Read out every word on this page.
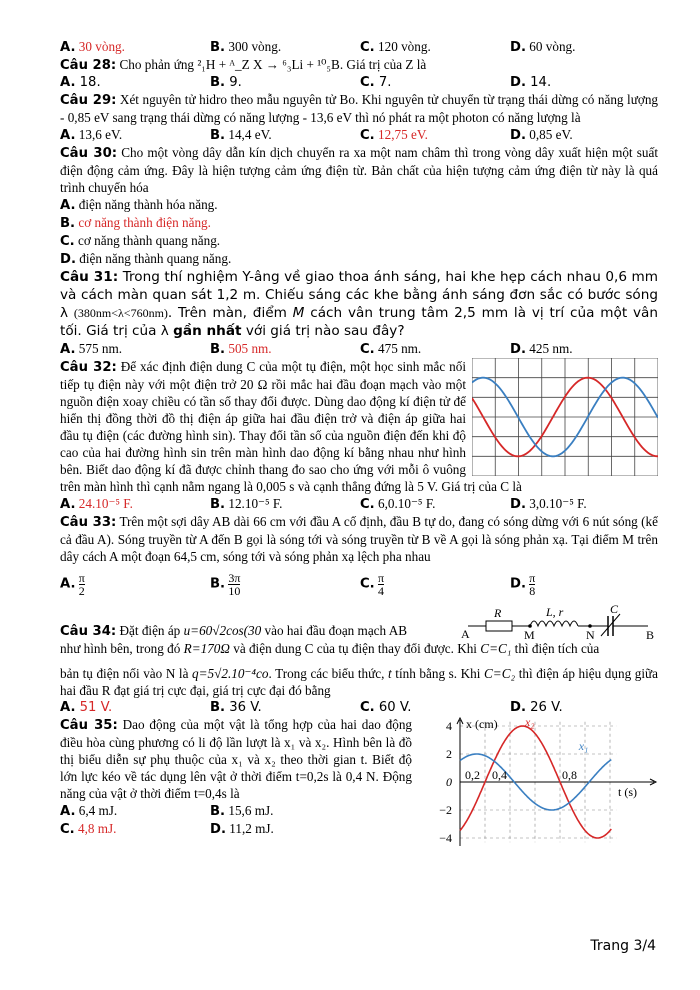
A. 30 vòng.	B. 300 vòng.	C. 120 vòng.	D. 60 vòng.

Câu 28: Cho phản ứng ²₁H + ᴬ_Z X → ⁶₃Li + ¹⁰₅B. Giá trị của Z là

A. 18.	B. 9.	C. 7.	D. 14.

Câu 29: Xét nguyên tử hidro theo mẫu nguyên tử Bo. Khi nguyên tử chuyển từ trạng thái dừng có năng lượng - 0,85 eV sang trạng thái dừng có năng lượng - 13,6 eV thì nó phát ra một photon có năng lượng là

A. 13,6 eV.	B. 14,4 eV.	C. 12,75 eV.	D. 0,85 eV.

Câu 30: Cho một vòng dây dẫn kín dịch chuyển ra xa một nam châm thì trong vòng dây xuất hiện một suất điện động cảm ứng. Đây là hiện tượng cảm ứng điện từ. Bản chất của hiện tượng cảm ứng điện từ này là quá trình chuyển hóa

A. điện năng thành hóa năng.
B. cơ năng thành điện năng.
C. cơ năng thành quang năng.
D. điện năng thành quang năng.

Câu 31: Trong thí nghiệm Y-âng về giao thoa ánh sáng, hai khe hẹp cách nhau 0,6 mm và cách màn quan sát 1,2 m. Chiếu sáng các khe bằng ánh sáng đơn sắc có bước sóng λ (380nm<λ<760nm). Trên màn, điểm M cách vân trung tâm 2,5 mm là vị trí của một vân tối. Giá trị của λ gần nhất với giá trị nào sau đây?

A. 575 nm.	B. 505 nm.	C. 475 nm.	D. 425 nm.

Câu 32: Để xác định điện dung C của một tụ điện, một học sinh mắc nối tiếp tụ điện này với một điện trở 20 Ω rồi mắc hai đầu đoạn mạch vào một nguồn điện xoay chiều có tần số thay đổi được. Dùng dao động kí điện tử để hiển thị đồng thời đồ thị điện áp giữa hai đầu điện trở và điện áp giữa hai đầu tụ điện (các đường hình sin). Thay đổi tần số của nguồn điện đến khi độ cao của hai đường hình sin trên màn hình dao động kí bằng nhau như hình bên. Biết dao động kí đã được chỉnh thang đo sao cho ứng với mỗi ô vuông trên màn hình thì cạnh nằm ngang là 0,005 s và cạnh thẳng đứng là 5 V. Giá trị của C là

A. 24.10⁻⁵ F.	B. 12.10⁻⁵ F.	C. 6,0.10⁻⁵ F.	D. 3,0.10⁻⁵ F.

Câu 33: Trên một sợi dây AB dài 66 cm với đầu A cố định, đầu B tự do, đang có sóng dừng với 6 nút sóng (kể cả đầu A). Sóng truyền từ A đến B gọi là sóng tới và sóng truyền từ B về A gọi là sóng phản xạ. Tại điểm M trên dây cách A một đoạn 64,5 cm, sóng tới và sóng phản xạ lệch pha nhau

A. $\frac{\pi}{2}$	B. $\frac{3\pi}{10}$	C. $\frac{\pi}{4}$	D. $\frac{\pi}{8}$

Câu 34: Đặt điện áp u=60√2cos(30 vào hai đầu đoạn mạch AB	A	M	N	B
R	L, r	C

như hình bên, trong đó R=170Ω và điện dung C của tụ điện thay đổi được. Khi C=C₁ thì điện tích của

bản tụ điện nối vào N là q=5√2.10⁻⁴co. Trong các biểu thức, t tính bằng s. Khi C=C₂ thì điện áp hiệu dụng giữa hai đầu R đạt giá trị cực đại, giá trị cực đại đó bằng

A. 51 V.	B. 36 V.	C. 60 V.	D. 26 V.
4
2
0
−2
−4
x (cm)
t (s)
0,2 0,4	0,8
x₂
x₁

Câu 35: Dao động của một vật là tổng hợp của hai dao động điều hòa cùng phương có li độ lần lượt là x₁ và x₂. Hình bên là đồ thị biểu diễn sự phụ thuộc của x₁ và x₂ theo thời gian t. Biết độ lớn lực kéo về tác dụng lên vật ở thời điểm t=0,2s là 0,4 N. Động năng của vật ở thời điểm t=0,4s là

A. 6,4 mJ.	B. 15,6 mJ.
C. 4,8 mJ.	D. 11,2 mJ.
Trang 3/4
